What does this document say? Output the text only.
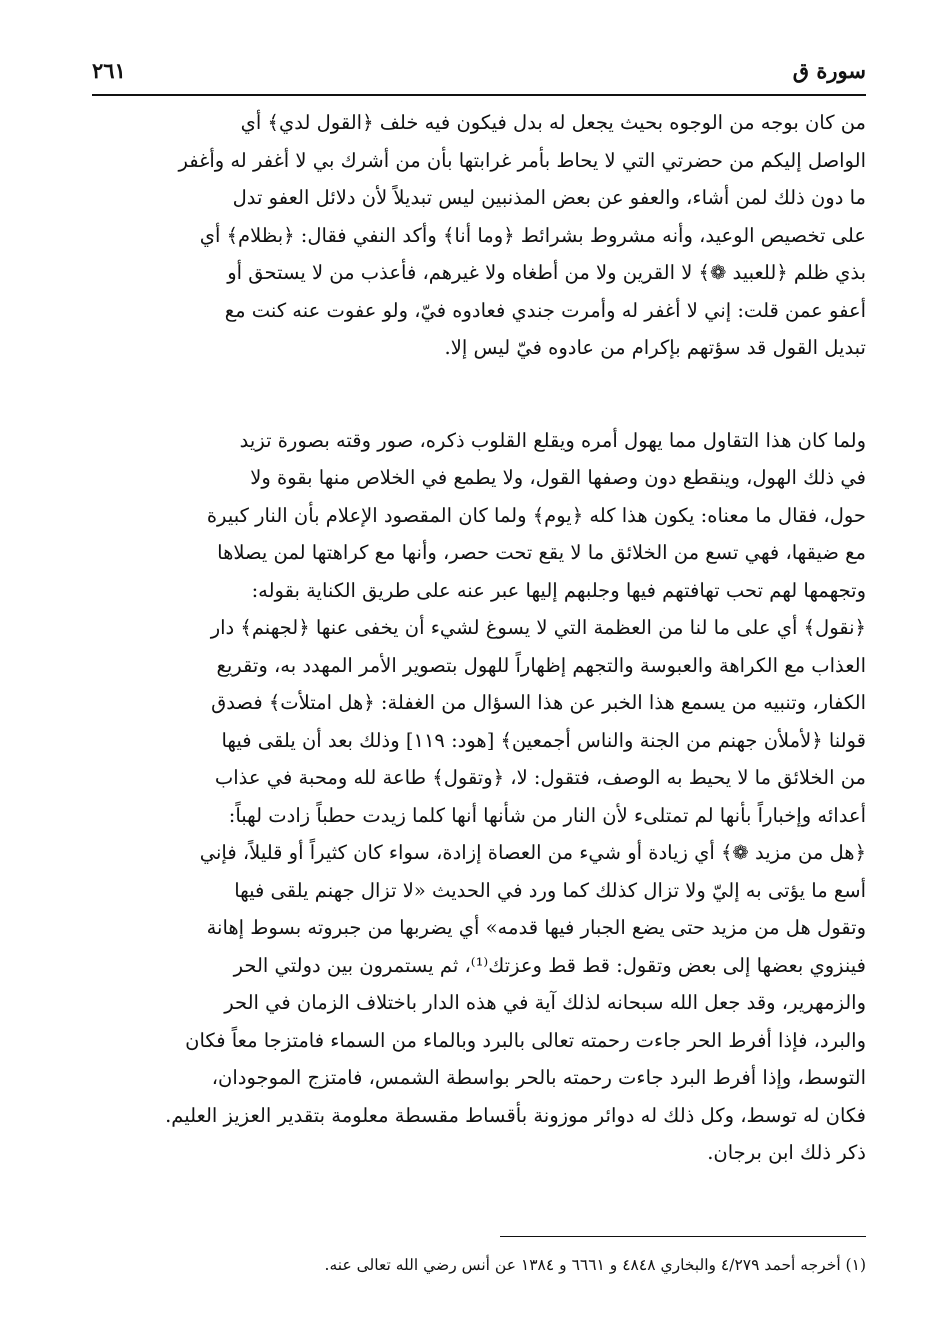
سورة ق
٢٦١
من كان بوجه من الوجوه بحيث يجعل له بدل فيكون فيه خلف ﴿القول لدي﴾ أي
الواصل إليكم من حضرتي التي لا يحاط بأمر غرابتها بأن من أشرك بي لا أغفر له وأغفر
ما دون ذلك لمن أشاء، والعفو عن بعض المذنبين ليس تبديلاً لأن دلائل العفو تدل
على تخصيص الوعيد، وأنه مشروط بشرائط ﴿وما أنا﴾ وأكد النفي فقال: ﴿بظلام﴾ أي
بذي ظلم ﴿للعبيد ❁﴾ لا القرين ولا من أطغاه ولا غيرهم، فأعذب من لا يستحق أو
أعفو عمن قلت: إني لا أغفر له وأمرت جندي فعادوه فيّ، ولو عفوت عنه كنت مع
تبديل القول قد سؤتهم بإكرام من عادوه فيّ ليس إلا.
ولما كان هذا التقاول مما يهول أمره ويقلع القلوب ذكره، صور وقته بصورة تزيد
في ذلك الهول، وينقطع دون وصفها القول، ولا يطمع في الخلاص منها بقوة ولا
حول، فقال ما معناه: يكون هذا كله ﴿يوم﴾ ولما كان المقصود الإعلام بأن النار كبيرة
مع ضيقها، فهي تسع من الخلائق ما لا يقع تحت حصر، وأنها مع كراهتها لمن يصلاها
وتجهمها لهم تحب تهافتهم فيها وجلبهم إليها عبر عنه على طريق الكناية بقوله:
﴿نقول﴾ أي على ما لنا من العظمة التي لا يسوغ لشيء أن يخفى عنها ﴿لجهنم﴾ دار
العذاب مع الكراهة والعبوسة والتجهم إظهاراً للهول بتصوير الأمر المهدد به، وتقريع
الكفار، وتنبيه من يسمع هذا الخبر عن هذا السؤال من الغفلة: ﴿هل امتلأت﴾ فصدق
قولنا ﴿لأملأن جهنم من الجنة والناس أجمعين﴾ [هود: ١١٩] وذلك بعد أن يلقى فيها
من الخلائق ما لا يحيط به الوصف، فتقول: لا، ﴿وتقول﴾ طاعة لله ومحبة في عذاب
أعدائه وإخباراً بأنها لم تمتلىء لأن النار من شأنها أنها كلما زيدت حطباً زادت لهباً:
﴿هل من مزيد ❁﴾ أي زيادة أو شيء من العصاة إزادة، سواء كان كثيراً أو قليلاً، فإني
أسع ما يؤتى به إليّ ولا تزال كذلك كما ورد في الحديث «لا تزال جهنم يلقى فيها
وتقول هل من مزيد حتى يضع الجبار فيها قدمه» أي يضربها من جبروته بسوط إهانة
فينزوي بعضها إلى بعض وتقول: قط قط وعزتك⁽¹⁾، ثم يستمرون بين دولتي الحر
والزمهرير، وقد جعل الله سبحانه لذلك آية في هذه الدار باختلاف الزمان في الحر
والبرد، فإذا أفرط الحر جاءت رحمته تعالى بالبرد وبالماء من السماء فامتزجا معاً فكان
التوسط، وإذا أفرط البرد جاءت رحمته بالحر بواسطة الشمس، فامتزج الموجودان،
فكان له توسط، وكل ذلك له دوائر موزونة بأقساط مقسطة معلومة بتقدير العزيز العليم.
ذكر ذلك ابن برجان.
(١) أخرجه أحمد ٤/٢٧٩ والبخاري ٤٨٤٨ و ٦٦٦١ و ١٣٨٤ عن أنس رضي الله تعالى عنه.
